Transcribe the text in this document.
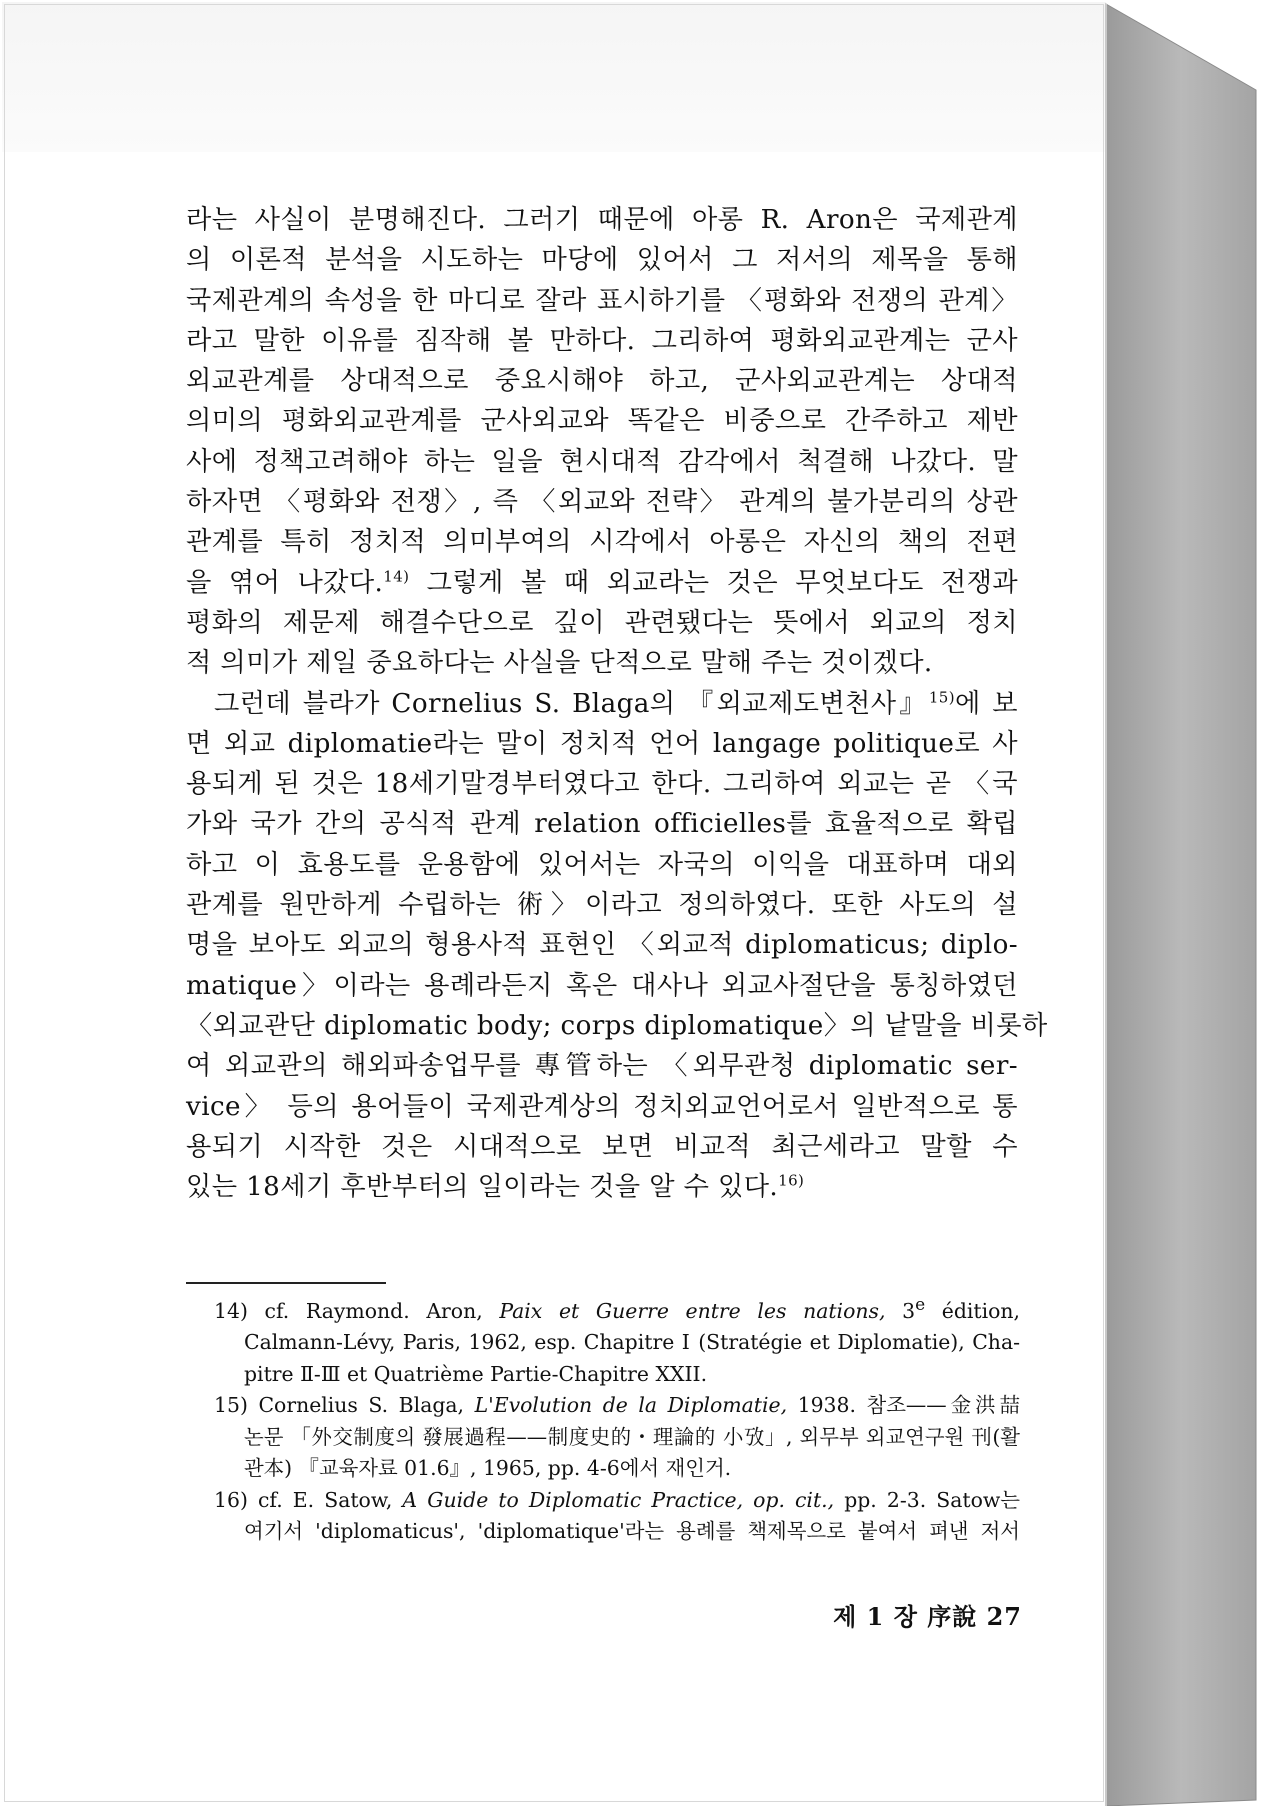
라는 사실이 분명해진다. 그러기 때문에 아롱 R. Aron은 국제관계
의 이론적 분석을 시도하는 마당에 있어서 그 저서의 제목을 통해
국제관계의 속성을 한 마디로 잘라 표시하기를 〈평화와 전쟁의 관계〉
라고 말한 이유를 짐작해 볼 만하다. 그리하여 평화외교관계는 군사
외교관계를 상대적으로 중요시해야 하고, 군사외교관계는 상대적
의미의 평화외교관계를 군사외교와 똑같은 비중으로 간주하고 제반
사에 정책고려해야 하는 일을 현시대적 감각에서 척결해 나갔다. 말
하자면 〈평화와 전쟁〉, 즉 〈외교와 전략〉 관계의 불가분리의 상관
관계를 특히 정치적 의미부여의 시각에서 아롱은 자신의 책의 전편
을 엮어 나갔다.$^{14)}$ 그렇게 볼 때 외교라는 것은 무엇보다도 전쟁과
평화의 제문제 해결수단으로 깊이 관련됐다는 뜻에서 외교의 정치
적 의미가 제일 중요하다는 사실을 단적으로 말해 주는 것이겠다.
그런데 블라가 Cornelius S. Blaga의 『외교제도변천사』$^{15)}$에 보
면 외교 diplomatie라는 말이 정치적 언어 langage politique로 사
용되게 된 것은 18세기말경부터였다고 한다. 그리하여 외교는 곧 〈국
가와 국가 간의 공식적 관계 relation officielles를 효율적으로 확립
하고 이 효용도를 운용함에 있어서는 자국의 이익을 대표하며 대외
관계를 원만하게 수립하는 術〉이라고 정의하였다. 또한 사도의 설
명을 보아도 외교의 형용사적 표현인 〈외교적 diplomaticus; diplo-
matique〉이라는 용례라든지 혹은 대사나 외교사절단을 통칭하였던
〈외교관단 diplomatic body; corps diplomatique〉의 낱말을 비롯하
여 외교관의 해외파송업무를 專管하는 〈외무관청 diplomatic ser-
vice〉 등의 용어들이 국제관계상의 정치외교언어로서 일반적으로 통
용되기 시작한 것은 시대적으로 보면 비교적 최근세라고 말할 수
있는 18세기 후반부터의 일이라는 것을 알 수 있다.$^{16)}$
14) cf. Raymond. Aron, Paix et Guerre entre les nations, 3e édition,
Calmann-Lévy, Paris, 1962, esp. Chapitre Ⅰ (Stratégie et Diplomatie), Cha-
pitre Ⅱ-Ⅲ et Quatrième Partie-Chapitre XXII.
15) Cornelius S. Blaga, L'Evolution de la Diplomatie, 1938. 참조——金洪喆
논문 「外交制度의 發展過程——制度史的・理論的 小攷」, 외무부 외교연구원 刊(활
관本) 『교육자료 01.6』, 1965, pp. 4-6에서 재인거.
16) cf. E. Satow, A Guide to Diplomatic Practice, op. cit., pp. 2-3. Satow는
여기서 'diplomaticus', 'diplomatique'라는 용례를 책제목으로 붙여서 펴낸 저서
제 1 장 序說 27
